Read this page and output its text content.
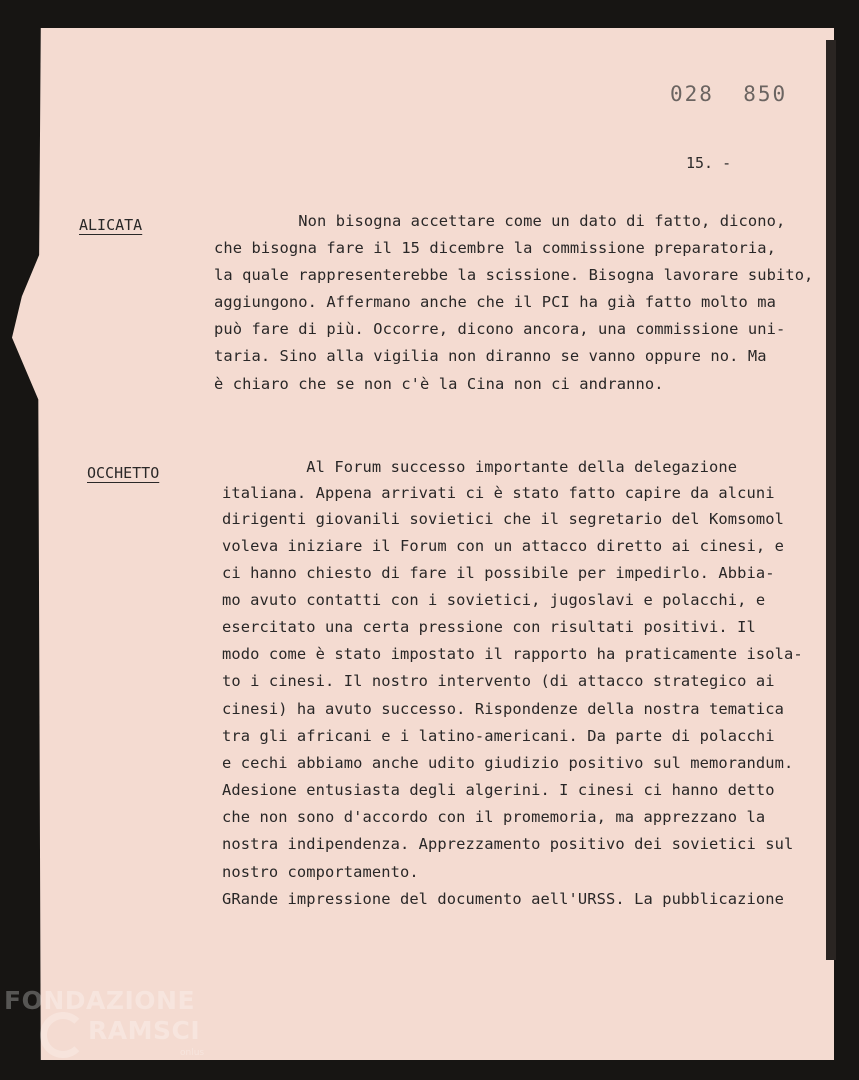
028  850
15. -
ALICATA	Non bisogna accettare come un dato di fatto, dicono,
che bisogna fare il 15 dicembre la commissione preparatoria,
la quale rappresenterebbe la scissione. Bisogna lavorare subito,
aggiungono. Affermano anche che il PCI ha già fatto molto ma
può fare di più. Occorre, dicono ancora, una commissione uni-
taria. Sino alla vigilia non diranno se vanno oppure no. Ma
è chiaro che se non c'è la Cina non ci andranno.
OCCHETTO	Al Forum successo importante della delegazione
italiana. Appena arrivati ci è stato fatto capire da alcuni
dirigenti giovanili sovietici che il segretario del Komsomol
voleva iniziare il Forum con un attacco diretto ai cinesi, e
ci hanno chiesto di fare il possibile per impedirlo. Abbia-
mo avuto contatti con i sovietici, jugoslavi e polacchi, e
esercitato una certa pressione con risultati positivi. Il
modo come è stato impostato il rapporto ha praticamente isola-
to i cinesi. Il nostro intervento (di attacco strategico ai
cinesi) ha avuto successo. Rispondenze della nostra tematica
tra gli africani e i latino-americani. Da parte di polacchi
e cechi abbiamo anche udito giudizio positivo sul memorandum.
Adesione entusiasta degli algerini. I cinesi ci hanno detto
che non sono d'accordo con il promemoria, ma apprezzano la
nostra indipendenza. Apprezzamento positivo dei sovietici sul
nostro comportamento.
GRande impressione del documento aell'URSS. La pubblicazione
FONDAZIONE
RAMSCI
onlus
